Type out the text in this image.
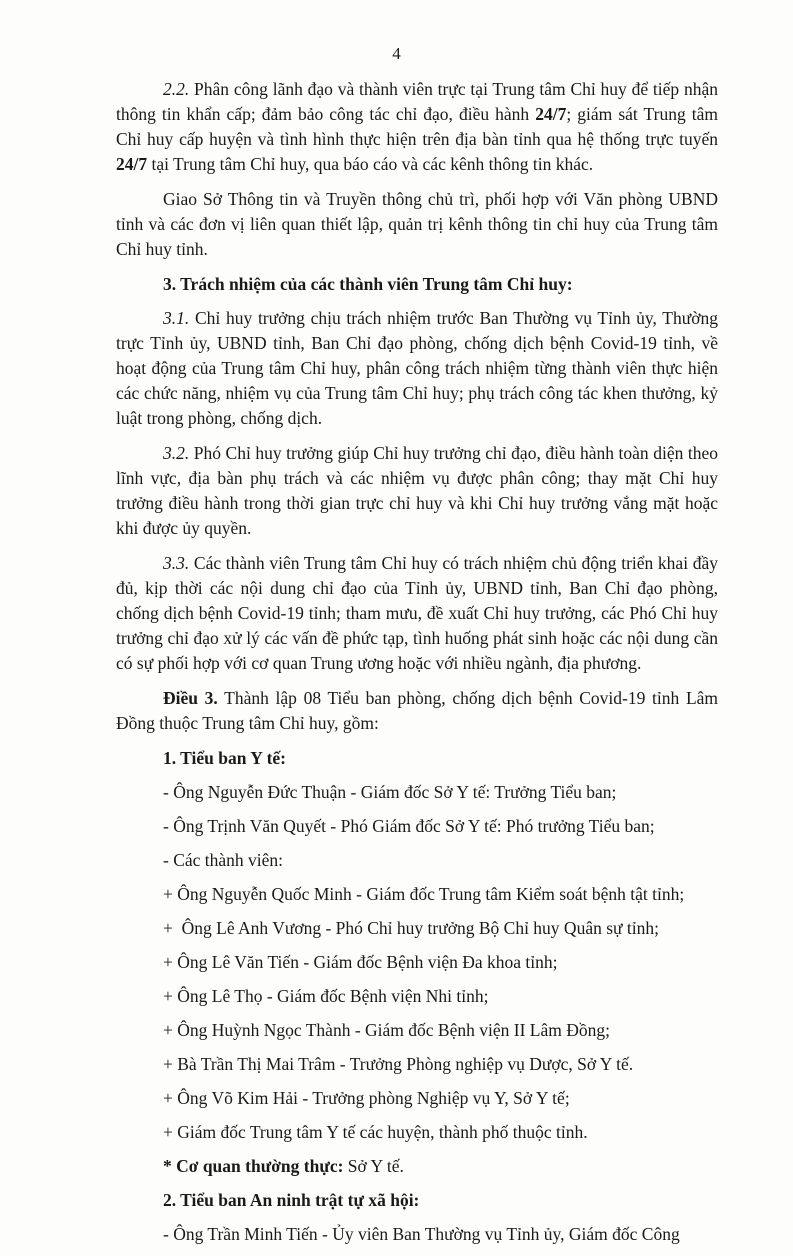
4

2.2. Phân công lãnh đạo và thành viên trực tại Trung tâm Chỉ huy để tiếp nhận thông tin khẩn cấp; đảm bảo công tác chỉ đạo, điều hành 24/7; giám sát Trung tâm Chỉ huy cấp huyện và tình hình thực hiện trên địa bàn tỉnh qua hệ thống trực tuyến 24/7 tại Trung tâm Chỉ huy, qua báo cáo và các kênh thông tin khác.

Giao Sở Thông tin và Truyền thông chủ trì, phối hợp với Văn phòng UBND tỉnh và các đơn vị liên quan thiết lập, quản trị kênh thông tin chỉ huy của Trung tâm Chỉ huy tỉnh.

3. Trách nhiệm của các thành viên Trung tâm Chỉ huy:

3.1. Chỉ huy trưởng chịu trách nhiệm trước Ban Thường vụ Tỉnh ủy, Thường trực Tỉnh ủy, UBND tỉnh, Ban Chỉ đạo phòng, chống dịch bệnh Covid-19 tỉnh, về hoạt động của Trung tâm Chỉ huy, phân công trách nhiệm từng thành viên thực hiện các chức năng, nhiệm vụ của Trung tâm Chỉ huy; phụ trách công tác khen thưởng, kỷ luật trong phòng, chống dịch.

3.2. Phó Chỉ huy trưởng giúp Chỉ huy trưởng chỉ đạo, điều hành toàn diện theo lĩnh vực, địa bàn phụ trách và các nhiệm vụ được phân công; thay mặt Chỉ huy trưởng điều hành trong thời gian trực chỉ huy và khi Chỉ huy trưởng vắng mặt hoặc khi được ủy quyền.

3.3. Các thành viên Trung tâm Chỉ huy có trách nhiệm chủ động triển khai đầy đủ, kịp thời các nội dung chỉ đạo của Tỉnh ủy, UBND tỉnh, Ban Chỉ đạo phòng, chống dịch bệnh Covid-19 tỉnh; tham mưu, đề xuất Chỉ huy trưởng, các Phó Chỉ huy trưởng chỉ đạo xử lý các vấn đề phức tạp, tình huống phát sinh hoặc các nội dung cần có sự phối hợp với cơ quan Trung ương hoặc với nhiều ngành, địa phương.

Điều 3. Thành lập 08 Tiểu ban phòng, chống dịch bệnh Covid-19 tỉnh Lâm Đồng thuộc Trung tâm Chỉ huy, gồm:

1. Tiểu ban Y tế:

- Ông Nguyễn Đức Thuận - Giám đốc Sở Y tế: Trưởng Tiểu ban;

- Ông Trịnh Văn Quyết - Phó Giám đốc Sở Y tế: Phó trưởng Tiểu ban;

- Các thành viên:

+ Ông Nguyễn Quốc Minh - Giám đốc Trung tâm Kiểm soát bệnh tật tỉnh;

+  Ông Lê Anh Vương - Phó Chỉ huy trưởng Bộ Chỉ huy Quân sự tỉnh;

+ Ông Lê Văn Tiến - Giám đốc Bệnh viện Đa khoa tỉnh;

+ Ông Lê Thọ - Giám đốc Bệnh viện Nhi tỉnh;

+ Ông Huỳnh Ngọc Thành - Giám đốc Bệnh viện II Lâm Đồng;

+ Bà Trần Thị Mai Trâm - Trưởng Phòng nghiệp vụ Dược, Sở Y tế.

+ Ông Võ Kim Hải - Trưởng phòng Nghiệp vụ Y, Sở Y tế;

+ Giám đốc Trung tâm Y tế các huyện, thành phố thuộc tỉnh.

* Cơ quan thường thực: Sở Y tế.

2. Tiểu ban An ninh trật tự xã hội:

- Ông Trần Minh Tiến - Ủy viên Ban Thường vụ Tỉnh ủy, Giám đốc Công
